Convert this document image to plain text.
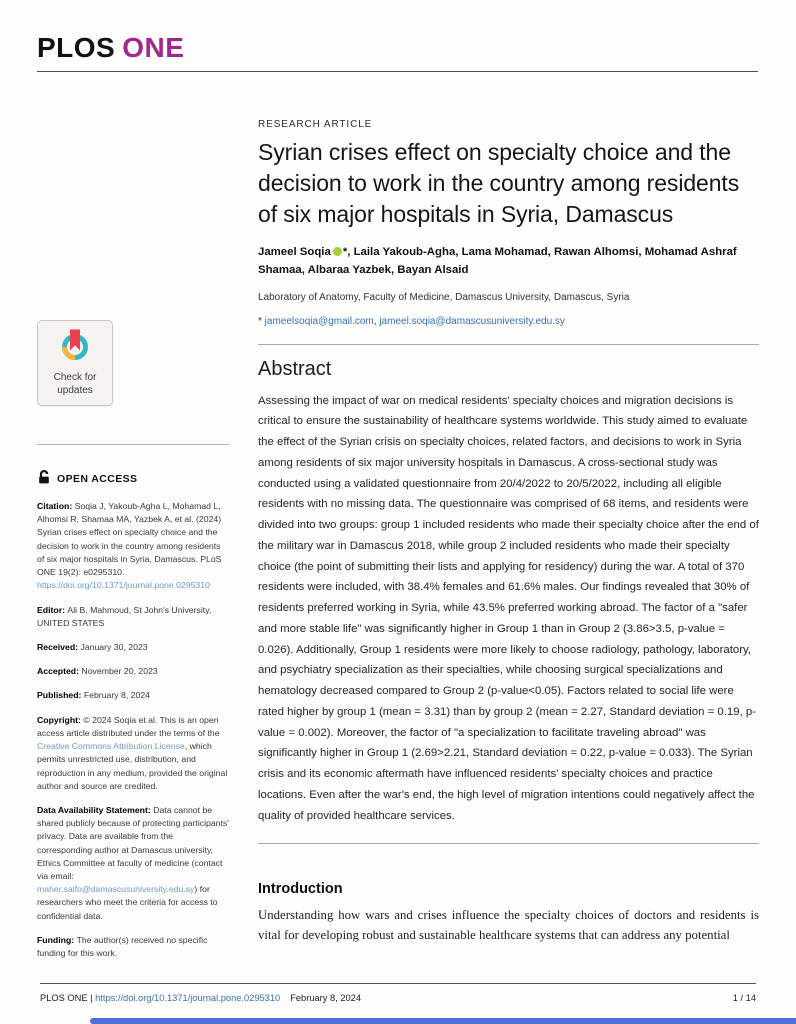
PLOS ONE
Check for
updates
OPEN ACCESS

Citation: Soqia J, Yakoub-Agha L, Mohamad L, Alhomsi R, Shamaa MA, Yazbek A, et al. (2024) Syrian crises effect on specialty choice and the decision to work in the country among residents of six major hospitals in Syria, Damascus. PLoS ONE 19(2): e0295310. https://doi.org/10.1371/journal.pone.0295310

Editor: Ali B. Mahmoud, St John's University, UNITED STATES

Received: January 30, 2023

Accepted: November 20, 2023

Published: February 8, 2024

Copyright: © 2024 Soqia et al. This is an open access article distributed under the terms of the Creative Commons Attribution License, which permits unrestricted use, distribution, and reproduction in any medium, provided the original author and source are credited.

Data Availability Statement: Data cannot be shared publicly because of protecting participants' privacy. Data are available from the corresponding author at Damascus university, Ethics Committee at faculty of medicine (contact via email: maher.saifo@damascusuniversity.edu.sy) for researchers who meet the criteria for access to confidential data.

Funding: The author(s) received no specific funding for this work.

RESEARCH ARTICLE
Syrian crises effect on specialty choice and the decision to work in the country among residents of six major hospitals in Syria, Damascus

Jameel Soqia *, Laila Yakoub-Agha, Lama Mohamad, Rawan Alhomsi, Mohamad Ashraf Shamaa, Albaraa Yazbek, Bayan Alsaid

Laboratory of Anatomy, Faculty of Medicine, Damascus University, Damascus, Syria

* jameelsoqia@gmail.com, jameel.soqia@damascusuniversity.edu.sy

Abstract

Assessing the impact of war on medical residents' specialty choices and migration decisions is critical to ensure the sustainability of healthcare systems worldwide. This study aimed to evaluate the effect of the Syrian crisis on specialty choices, related factors, and decisions to work in Syria among residents of six major university hospitals in Damascus. A cross-sectional study was conducted using a validated questionnaire from 20/4/2022 to 20/5/2022, including all eligible residents with no missing data. The questionnaire was comprised of 68 items, and residents were divided into two groups: group 1 included residents who made their specialty choice after the end of the military war in Damascus 2018, while group 2 included residents who made their specialty choice (the point of submitting their lists and applying for residency) during the war. A total of 370 residents were included, with 38.4% females and 61.6% males. Our findings revealed that 30% of residents preferred working in Syria, while 43.5% preferred working abroad. The factor of a "safer and more stable life" was significantly higher in Group 1 than in Group 2 (3.86>3.5, p-value = 0.026). Additionally, Group 1 residents were more likely to choose radiology, pathology, laboratory, and psychiatry specialization as their specialties, while choosing surgical specializations and hematology decreased compared to Group 2 (p-value<0.05). Factors related to social life were rated higher by group 1 (mean = 3.31) than by group 2 (mean = 2.27, Standard deviation = 0.19, p-value = 0.002). Moreover, the factor of "a specialization to facilitate traveling abroad" was significantly higher in Group 1 (2.69>2.21, Standard deviation = 0.22, p-value = 0.033). The Syrian crisis and its economic aftermath have influenced residents' specialty choices and practice locations. Even after the war's end, the high level of migration intentions could negatively affect the quality of provided healthcare services.

Introduction

Understanding how wars and crises influence the specialty choices of doctors and residents is vital for developing robust and sustainable healthcare systems that can address any potential

PLOS ONE | https://doi.org/10.1371/journal.pone.0295310 February 8, 2024	1 / 14
